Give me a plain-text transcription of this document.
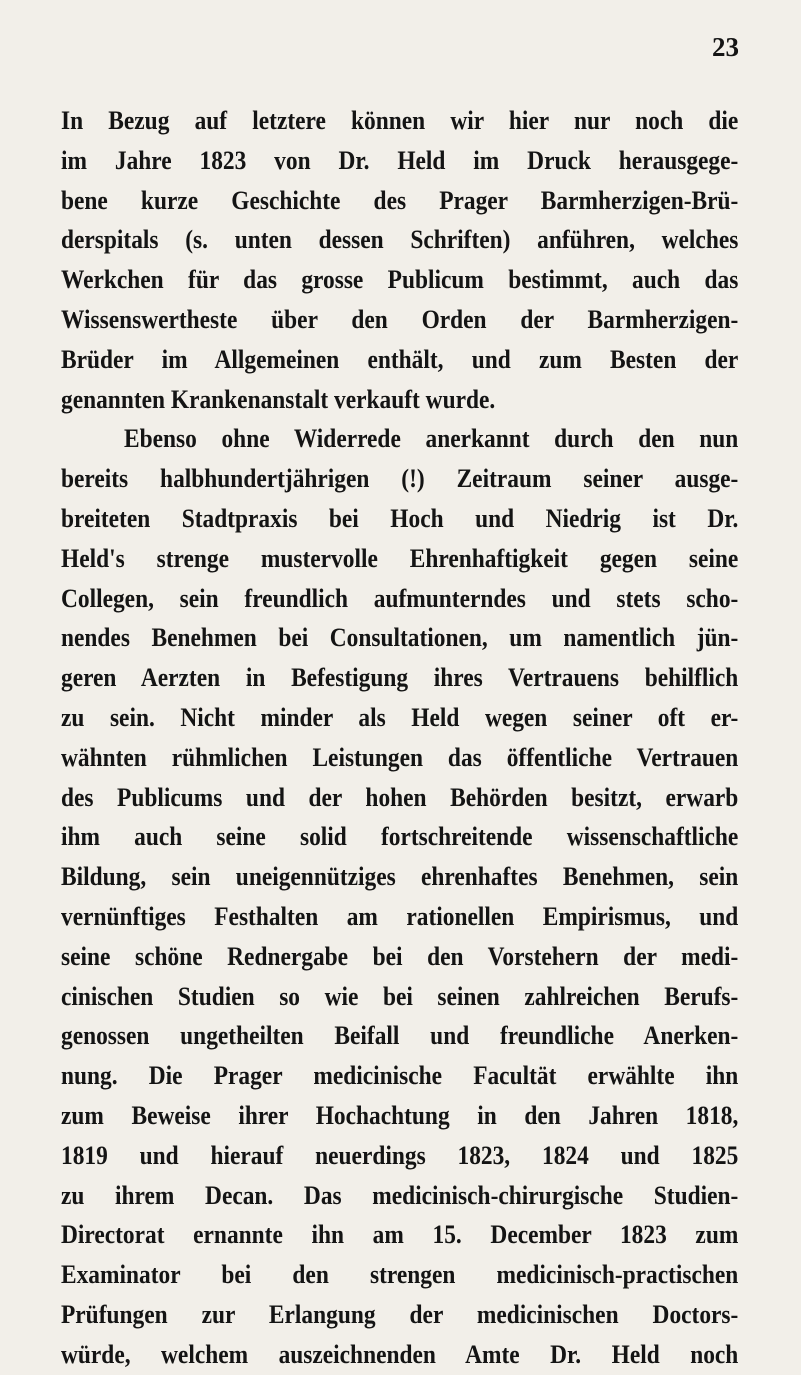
23
In Bezug auf letztere können wir hier nur noch die
im Jahre 1823 von Dr. Held im Druck herausgege-
bene kurze Geschichte des Prager Barmherzigen-Brü-
derspitals (s. unten dessen Schriften) anführen, welches
Werkchen für das grosse Publicum bestimmt, auch das
Wissenswertheste über den Orden der Barmherzigen-
Brüder im Allgemeinen enthält, und zum Besten der
genannten Krankenanstalt verkauft wurde.
Ebenso ohne Widerrede anerkannt durch den nun
bereits halbhundertjährigen (!) Zeitraum seiner ausge-
breiteten Stadtpraxis bei Hoch und Niedrig ist Dr.
Held's strenge mustervolle Ehrenhaftigkeit gegen seine
Collegen, sein freundlich aufmunterndes und stets scho-
nendes Benehmen bei Consultationen, um namentlich jün-
geren Aerzten in Befestigung ihres Vertrauens behilflich
zu sein. Nicht minder als Held wegen seiner oft er-
wähnten rühmlichen Leistungen das öffentliche Vertrauen
des Publicums und der hohen Behörden besitzt, erwarb
ihm auch seine solid fortschreitende wissenschaftliche
Bildung, sein uneigennütziges ehrenhaftes Benehmen, sein
vernünftiges Festhalten am rationellen Empirismus, und
seine schöne Rednergabe bei den Vorstehern der medi-
cinischen Studien so wie bei seinen zahlreichen Berufs-
genossen ungetheilten Beifall und freundliche Anerken-
nung. Die Prager medicinische Facultät erwählte ihn
zum Beweise ihrer Hochachtung in den Jahren 1818,
1819 und hierauf neuerdings 1823, 1824 und 1825
zu ihrem Decan. Das medicinisch-chirurgische Studien-
Directorat ernannte ihn am 15. December 1823 zum
Examinator bei den strengen medicinisch-practischen
Prüfungen zur Erlangung der medicinischen Doctors-
würde, welchem auszeichnenden Amte Dr. Held noch
